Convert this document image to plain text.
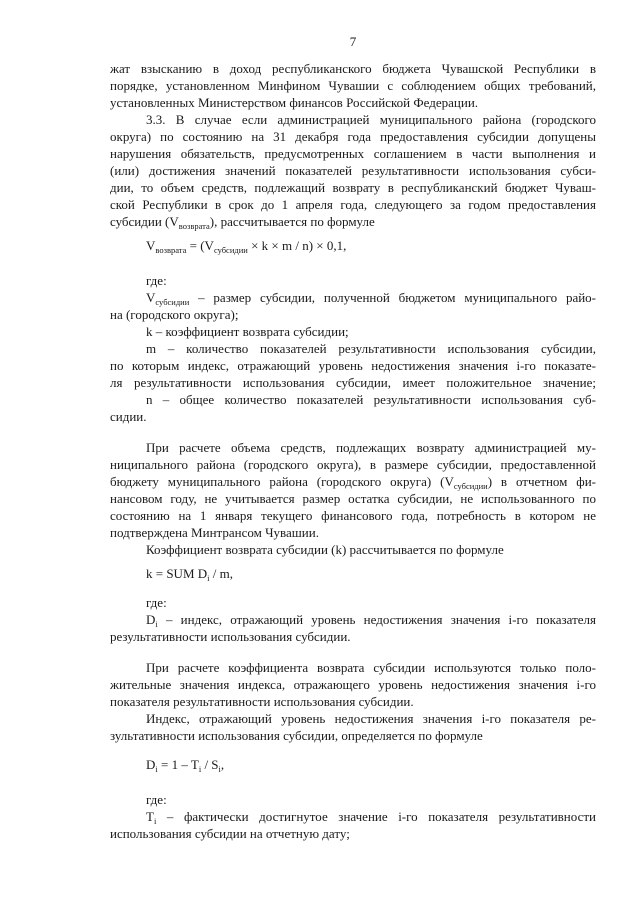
7
жат взысканию в доход республиканского бюджета Чувашской Республики в
порядке, установленном Минфином Чувашии с соблюдением общих требований,
установленных Министерством финансов Российской Федерации.
3.3. В случае если администрацией муниципального района (городского
округа) по состоянию на 31 декабря года предоставления субсидии допущены
нарушения обязательств, предусмотренных соглашением в части выполнения и
(или) достижения значений показателей результативности использования субси-
дии, то объем средств, подлежащий возврату в республиканский бюджет Чуваш-
ской Республики в срок до 1 апреля года, следующего за годом предоставления
субсидии $(V_{возврата})$, рассчитывается по формуле
$V_{возврата} = (V_{субсидии} \times k \times m / n) \times 0,1$,
где:
$V_{субсидии}$ – размер субсидии, полученной бюджетом муниципального райо-
на (городского округа);
k – коэффициент возврата субсидии;
m – количество показателей результативности использования субсидии,
по которым индекс, отражающий уровень недостижения значения i-го показате-
ля результативности использования субсидии, имеет положительное значение;
n – общее количество показателей результативности использования суб-
сидии.
При расчете объема средств, подлежащих возврату администрацией му-
ниципального района (городского округа), в размере субсидии, предоставленной
бюджету муниципального района (городского округа) $(V_{субсидии})$ в отчетном фи-
нансовом году, не учитывается размер остатка субсидии, не использованного по
состоянию на 1 января текущего финансового года, потребность в котором не
подтверждена Минтрансом Чувашии.
Коэффициент возврата субсидии (k) рассчитывается по формуле
k = SUM $D_i$ / m,
где:
$D_i$ – индекс, отражающий уровень недостижения значения i-го показателя
результативности использования субсидии.
При расчете коэффициента возврата субсидии используются только поло-
жительные значения индекса, отражающего уровень недостижения значения i-го
показателя результативности использования субсидии.
Индекс, отражающий уровень недостижения значения i-го показателя ре-
зультативности использования субсидии, определяется по формуле
$D_i = 1 - T_i / S_i$,
где:
$T_i$ – фактически достигнутое значение i-го показателя результативности
использования субсидии на отчетную дату;
